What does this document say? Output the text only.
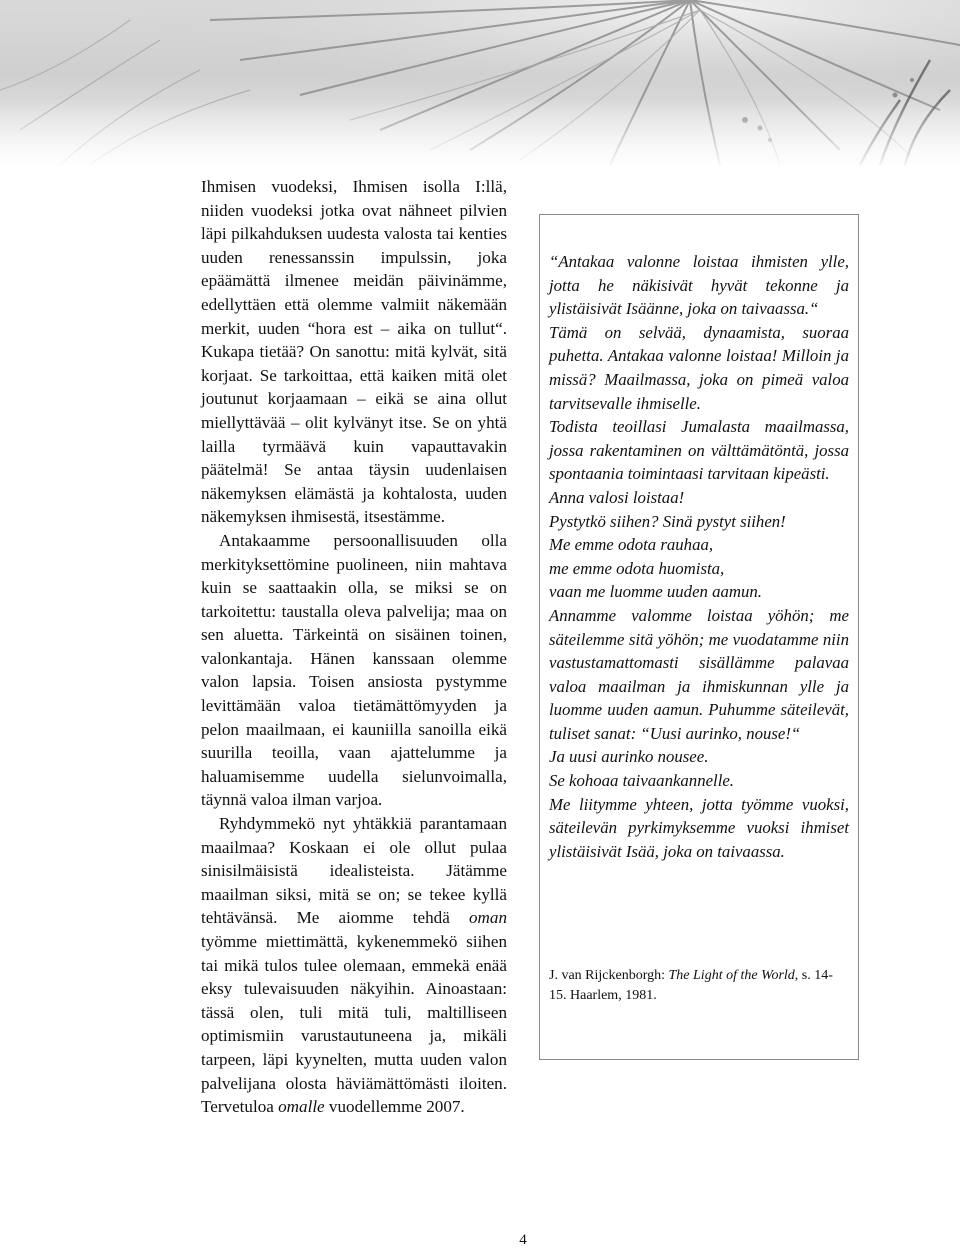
Ihmisen vuodeksi, Ihmisen isolla I:llä, niiden vuodeksi jotka ovat nähneet pilvien läpi pilkahduksen uudesta valosta tai kenties uuden renessanssin impulssin, joka epäämättä ilmenee meidän päivinämme, edellyttäen että olemme valmiit näkemään merkit, uuden “hora est – aika on tullut“. Kukapa tietää? On sanottu: mitä kylvät, sitä korjaat. Se tarkoittaa, että kaiken mitä olet joutunut korjaamaan – eikä se aina ollut miellyttävää – olit kylvänyt itse. Se on yhtä lailla tyrmäävä kuin vapauttavakin päätelmä! Se antaa täysin uudenlaisen näkemyksen elämästä ja kohtalosta, uuden näkemyksen ihmisestä, itsestämme.

Antakaamme persoonallisuuden olla merkityksettömine puolineen, niin mahtava kuin se saattaakin olla, se miksi se on tarkoitettu: taustalla oleva palvelija; maa on sen aluetta. Tärkeintä on sisäinen toinen, valonkantaja. Hänen kanssaan olemme valon lapsia. Toisen ansiosta pystymme levittämään valoa tietämättömyyden ja pelon maailmaan, ei kauniilla sanoilla eikä suurilla teoilla, vaan ajattelumme ja haluamisemme uudella sielunvoimalla, täynnä valoa ilman varjoa.

Ryhdymmekö nyt yhtäkkiä parantamaan maailmaa? Koskaan ei ole ollut pulaa sinisilmäisistä idealisteista. Jätämme maailman siksi, mitä se on; se tekee kyllä tehtävänsä. Me aiomme tehdä oman työmme miettimättä, kykenemmekö siihen tai mikä tulos tulee olemaan, emmekä enää eksy tulevaisuuden näkyihin. Ainoastaan: tässä olen, tuli mitä tuli, maltilliseen optimismiin varustautuneena ja, mikäli tarpeen, läpi kyynelten, mutta uuden valon palvelijana olosta häviämättömästi iloiten. Tervetuloa omalle vuodellemme 2007.

“Antakaa valonne loistaa ihmisten ylle, jotta he näkisivät hyvät tekonne ja ylistäisivät Isäänne, joka on taivaassa.“

Tämä on selvää, dynaamista, suoraa puhetta. Antakaa valonne loistaa! Milloin ja missä? Maailmassa, joka on pimeä valoa tarvitsevalle ihmiselle.

Todista teoillasi Jumalasta maailmassa, jossa rakentaminen on välttämätöntä, jossa spontaania toimintaasi tarvitaan kipeästi.

Anna valosi loistaa!

Pystytkö siihen? Sinä pystyt siihen!

Me emme odota rauhaa,

me emme odota huomista,

vaan me luomme uuden aamun.

Annamme valomme loistaa yöhön; me säteilemme sitä yöhön; me vuodatamme niin vastustamattomasti sisällämme palavaa valoa maailman ja ihmiskunnan ylle ja luomme uuden aamun. Puhumme säteilevät, tuliset sanat: “Uusi aurinko, nouse!“

Ja uusi aurinko nousee.

Se kohoaa taivaankannelle.

Me liitymme yhteen, jotta työmme vuoksi, säteilevän pyrkimyksemme vuoksi ihmiset ylistäisivät Isää, joka on taivaassa.

J. van Rijckenborgh: The Light of the World, s. 14-15. Haarlem, 1981.
4
